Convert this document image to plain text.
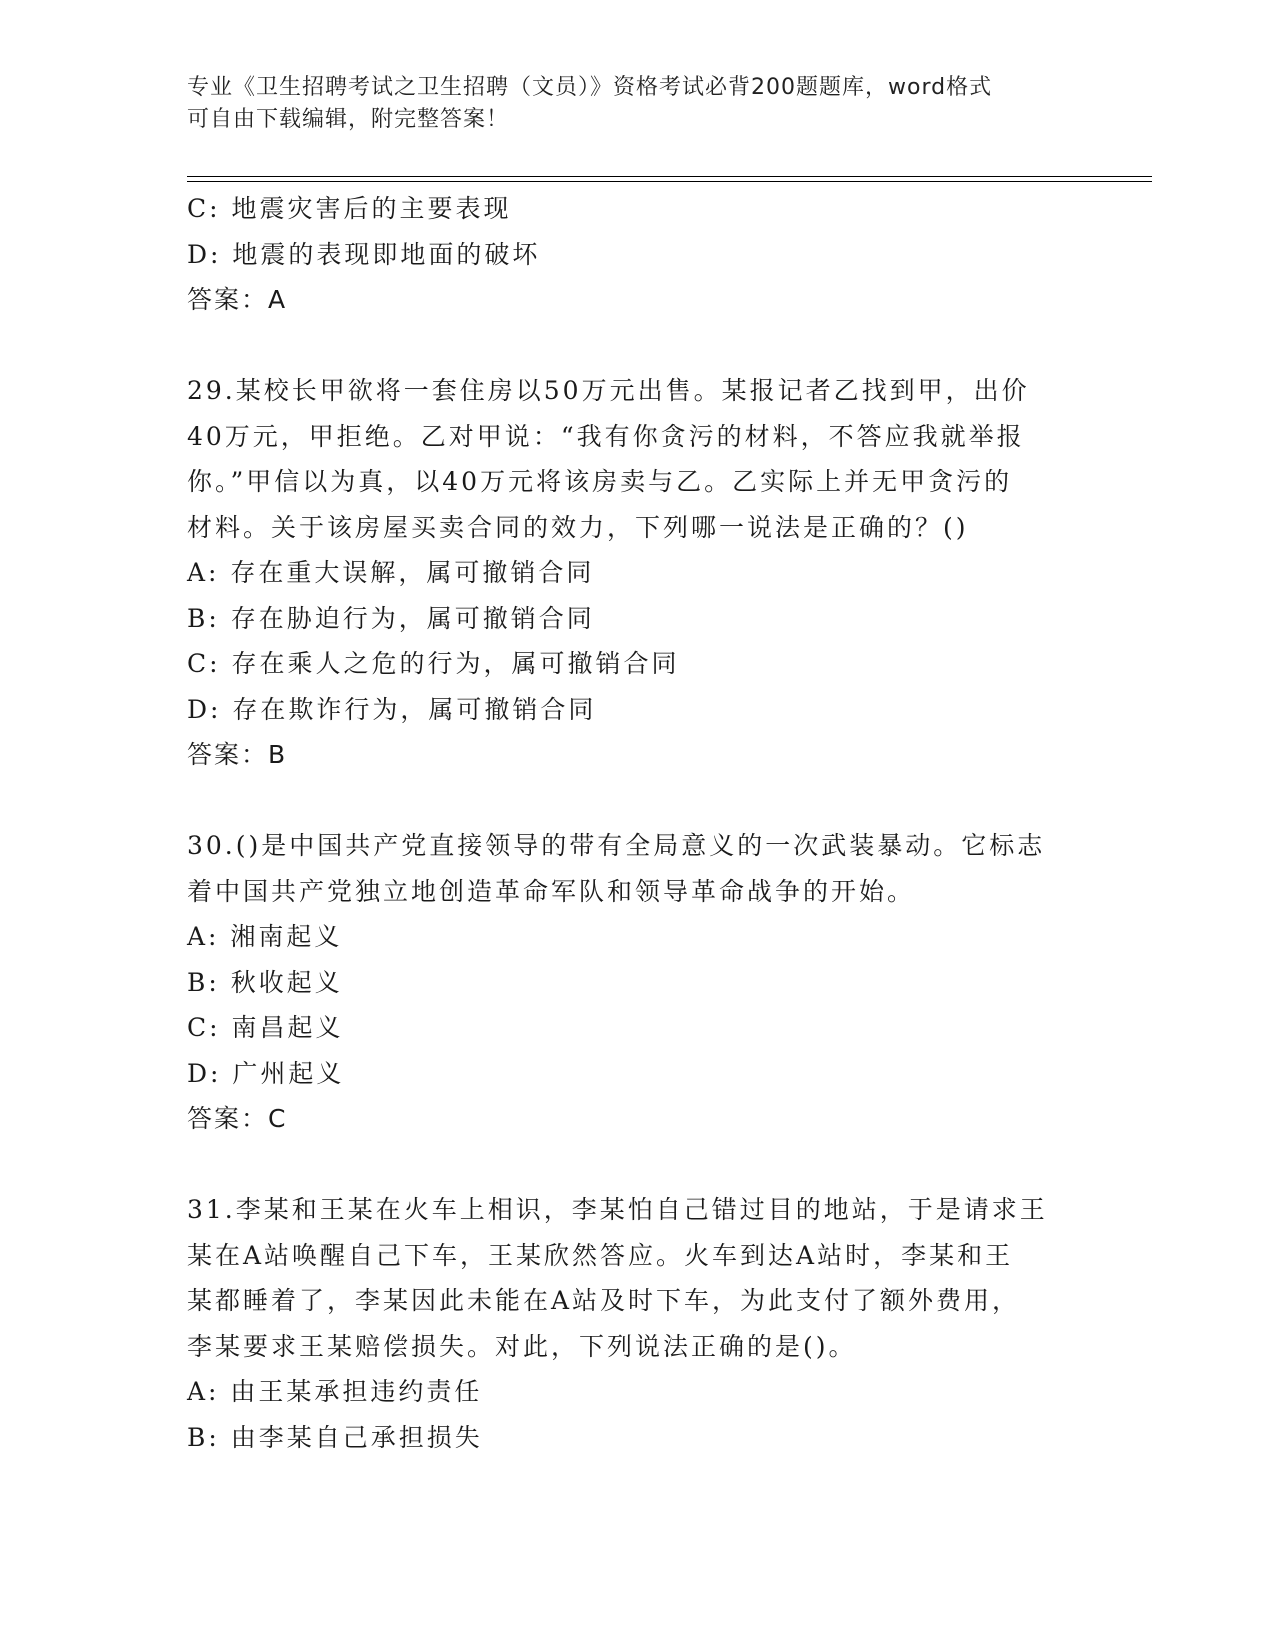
专业《卫生招聘考试之卫生招聘（文员）》资格考试必背200题题库，word格式
可自由下载编辑，附完整答案！
C: 地震灾害后的主要表现
D: 地震的表现即地面的破坏
答案：A
29.某校长甲欲将一套住房以50万元出售。某报记者乙找到甲，出价
40万元，甲拒绝。乙对甲说：“我有你贪污的材料，不答应我就举报
你。”甲信以为真，以40万元将该房卖与乙。乙实际上并无甲贪污的
材料。关于该房屋买卖合同的效力，下列哪一说法是正确的？()
A: 存在重大误解，属可撤销合同
B: 存在胁迫行为，属可撤销合同
C: 存在乘人之危的行为，属可撤销合同
D: 存在欺诈行为，属可撤销合同
答案：B
30.()是中国共产党直接领导的带有全局意义的一次武装暴动。它标志
着中国共产党独立地创造革命军队和领导革命战争的开始。
A: 湘南起义
B: 秋收起义
C: 南昌起义
D: 广州起义
答案：C
31.李某和王某在火车上相识，李某怕自己错过目的地站，于是请求王
某在A站唤醒自己下车，王某欣然答应。火车到达A站时，李某和王
某都睡着了，李某因此未能在A站及时下车，为此支付了额外费用，
李某要求王某赔偿损失。对此，下列说法正确的是()。
A: 由王某承担违约责任
B: 由李某自己承担损失
